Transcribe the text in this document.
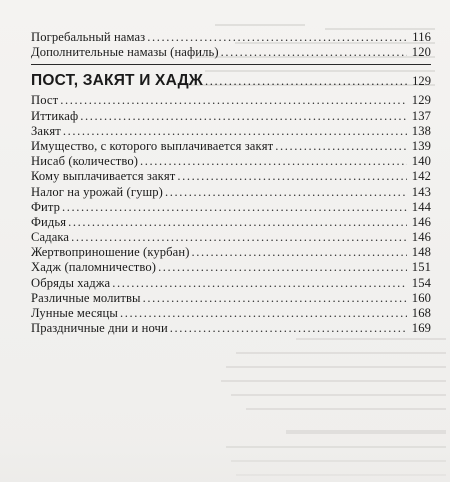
Погребальный намаз .....	116
Дополнительные намазы (нафиль) .....	120
ПОСТ, ЗАКЯТ И ХАДЖ .....	129
Пост .....	129
Иттикаф .....	137
Закят .....	138
Имущество, с которого выплачивается закят .....	139
Нисаб (количество) .....	140
Кому выплачивается закят .....	142
Налог на урожай (гушр) .....	143
Фитр .....	144
Фидья .....	146
Садака .....	146
Жертвоприношение (курбан) .....	148
Хадж (паломничество) .....	151
Обряды хаджа .....	154
Различные молитвы .....	160
Лунные месяцы .....	168
Праздничные дни и ночи .....	169
